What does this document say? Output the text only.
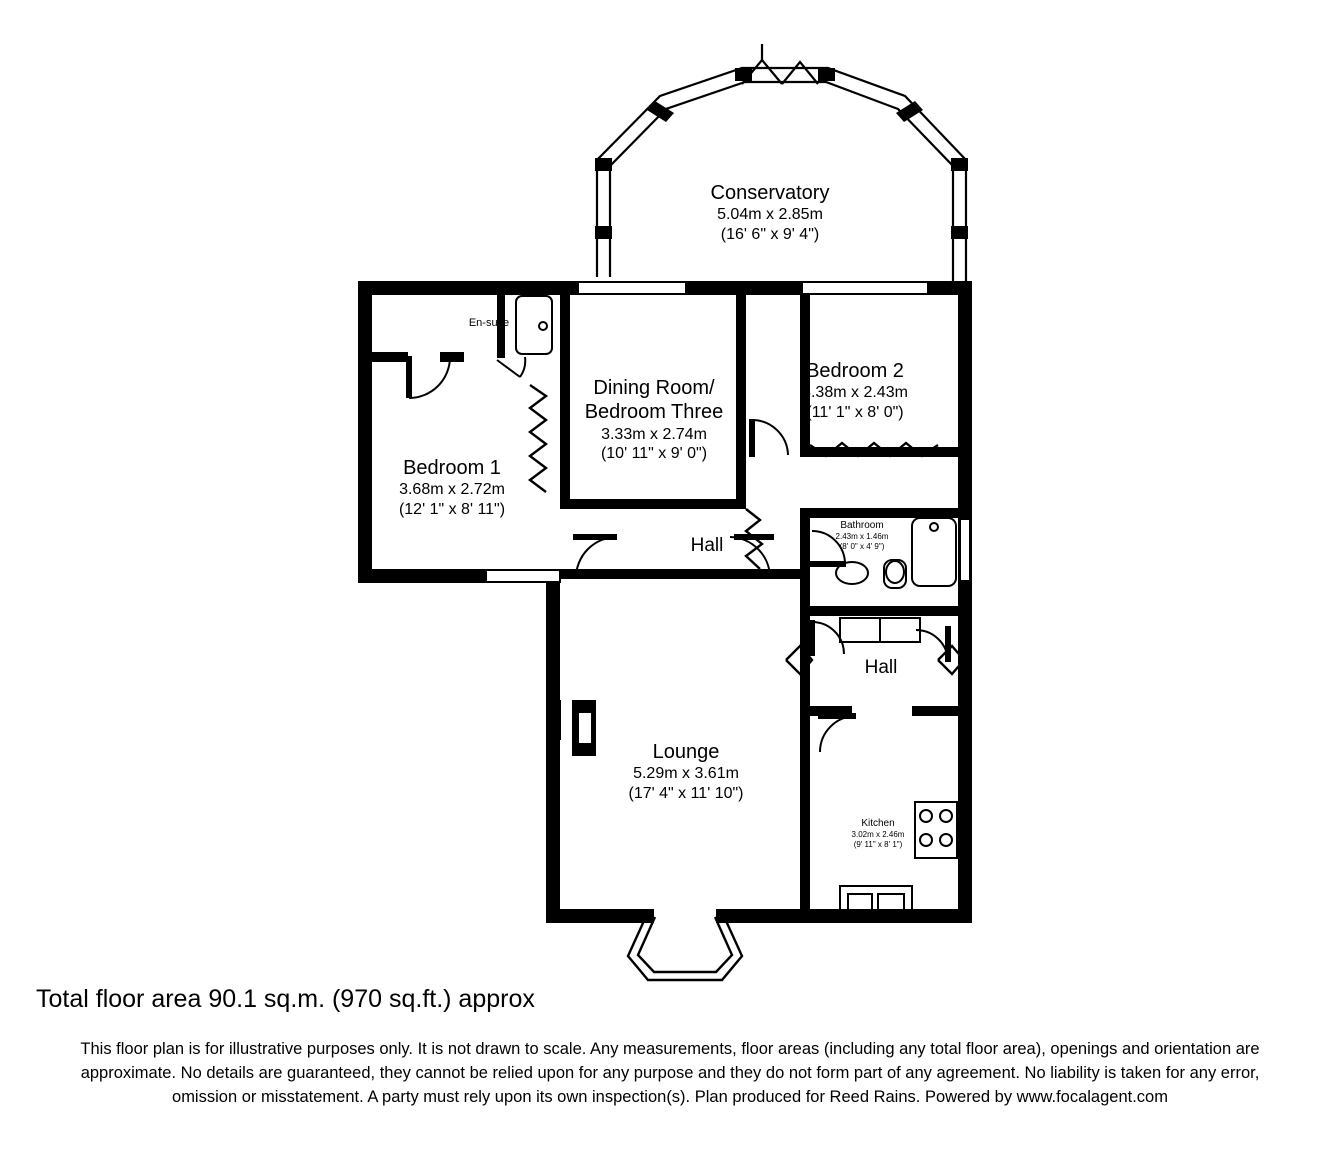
Conservatory
5.04m x 2.85m
(16' 6" x 9' 4")
Bedroom 2
3.38m x 2.43m
(11' 1" x 8' 0")
Dining Room/
Bedroom Three
3.33m x 2.74m
(10' 11" x 9' 0")
Bedroom 1
3.68m x 2.72m
(12' 1" x 8' 11")
Lounge
5.29m x 3.61m
(17' 4" x 11' 10")
Bathroom
2.43m x 1.46m
(8' 0" x 4' 9")
Kitchen
3.02m x 2.46m
(9' 11" x 8' 1")
Hall
Hall
En-suite
Total floor area 90.1 sq.m. (970 sq.ft.) approx
This floor plan is for illustrative purposes only. It is not drawn to scale. Any measurements, floor areas (including any total floor area), openings and orientation are approximate. No details are guaranteed, they cannot be relied upon for any purpose and they do not form part of any agreement. No liability is taken for any error, omission or misstatement. A party must rely upon its own inspection(s). Plan produced for Reed Rains. Powered by www.focalagent.com
